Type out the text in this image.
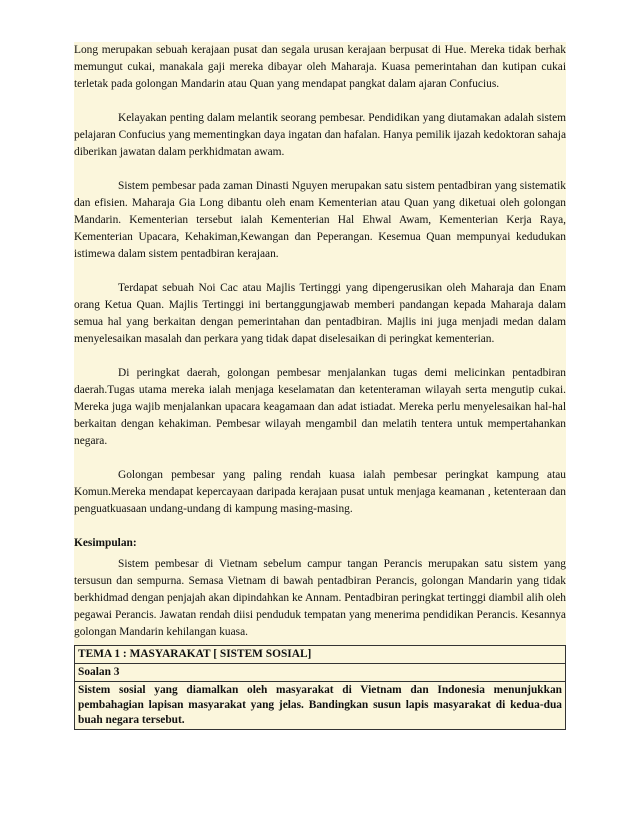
Long merupakan sebuah kerajaan pusat dan segala urusan kerajaan berpusat di Hue. Mereka tidak berhak memungut cukai, manakala gaji mereka dibayar oleh Maharaja. Kuasa pemerintahan dan kutipan cukai terletak pada golongan Mandarin atau Quan yang mendapat pangkat dalam ajaran Confucius.

Kelayakan penting dalam melantik seorang pembesar. Pendidikan yang diutamakan adalah sistem pelajaran Confucius yang mementingkan daya ingatan dan hafalan. Hanya pemilik ijazah kedoktoran sahaja diberikan jawatan dalam perkhidmatan awam.

Sistem pembesar pada zaman Dinasti Nguyen merupakan satu sistem pentadbiran yang sistematik dan efisien. Maharaja Gia Long dibantu oleh enam Kementerian atau Quan yang diketuai oleh golongan Mandarin. Kementerian tersebut ialah Kementerian Hal Ehwal Awam, Kementerian Kerja Raya, Kementerian Upacara, Kehakiman,Kewangan dan Peperangan. Kesemua Quan mempunyai kedudukan istimewa dalam sistem pentadbiran kerajaan.

Terdapat sebuah Noi Cac atau Majlis Tertinggi yang dipengerusikan oleh Maharaja dan Enam orang Ketua Quan. Majlis Tertinggi ini bertanggungjawab memberi pandangan kepada Maharaja dalam semua hal yang berkaitan dengan pemerintahan dan pentadbiran. Majlis ini juga menjadi medan dalam menyelesaikan masalah dan perkara yang tidak dapat diselesaikan di peringkat kementerian.

Di peringkat daerah, golongan pembesar menjalankan tugas demi melicinkan pentadbiran daerah.Tugas utama mereka ialah menjaga keselamatan dan ketenteraman wilayah serta mengutip cukai. Mereka juga wajib menjalankan upacara keagamaan dan adat istiadat. Mereka perlu menyelesaikan hal-hal berkaitan dengan kehakiman. Pembesar wilayah mengambil dan melatih tentera untuk mempertahankan negara.

Golongan pembesar yang paling rendah kuasa ialah pembesar peringkat kampung atau Komun.Mereka mendapat kepercayaan daripada kerajaan pusat untuk menjaga keamanan , ketenteraan dan penguatkuasaan undang-undang di kampung masing-masing.

Kesimpulan:

Sistem pembesar di Vietnam sebelum campur tangan Perancis merupakan satu sistem yang tersusun dan sempurna. Semasa Vietnam di bawah pentadbiran Perancis, golongan Mandarin yang tidak berkhidmad dengan penjajah akan dipindahkan ke Annam. Pentadbiran peringkat tertinggi diambil alih oleh pegawai Perancis. Jawatan rendah diisi penduduk tempatan yang menerima pendidikan Perancis. Kesannya golongan Mandarin kehilangan kuasa.

TEMA 1 : MASYARAKAT [ SISTEM SOSIAL]
Soalan 3
Sistem sosial yang diamalkan oleh masyarakat di Vietnam dan Indonesia menunjukkan pembahagian lapisan masyarakat yang jelas. Bandingkan susun lapis masyarakat di kedua-dua buah negara tersebut.
